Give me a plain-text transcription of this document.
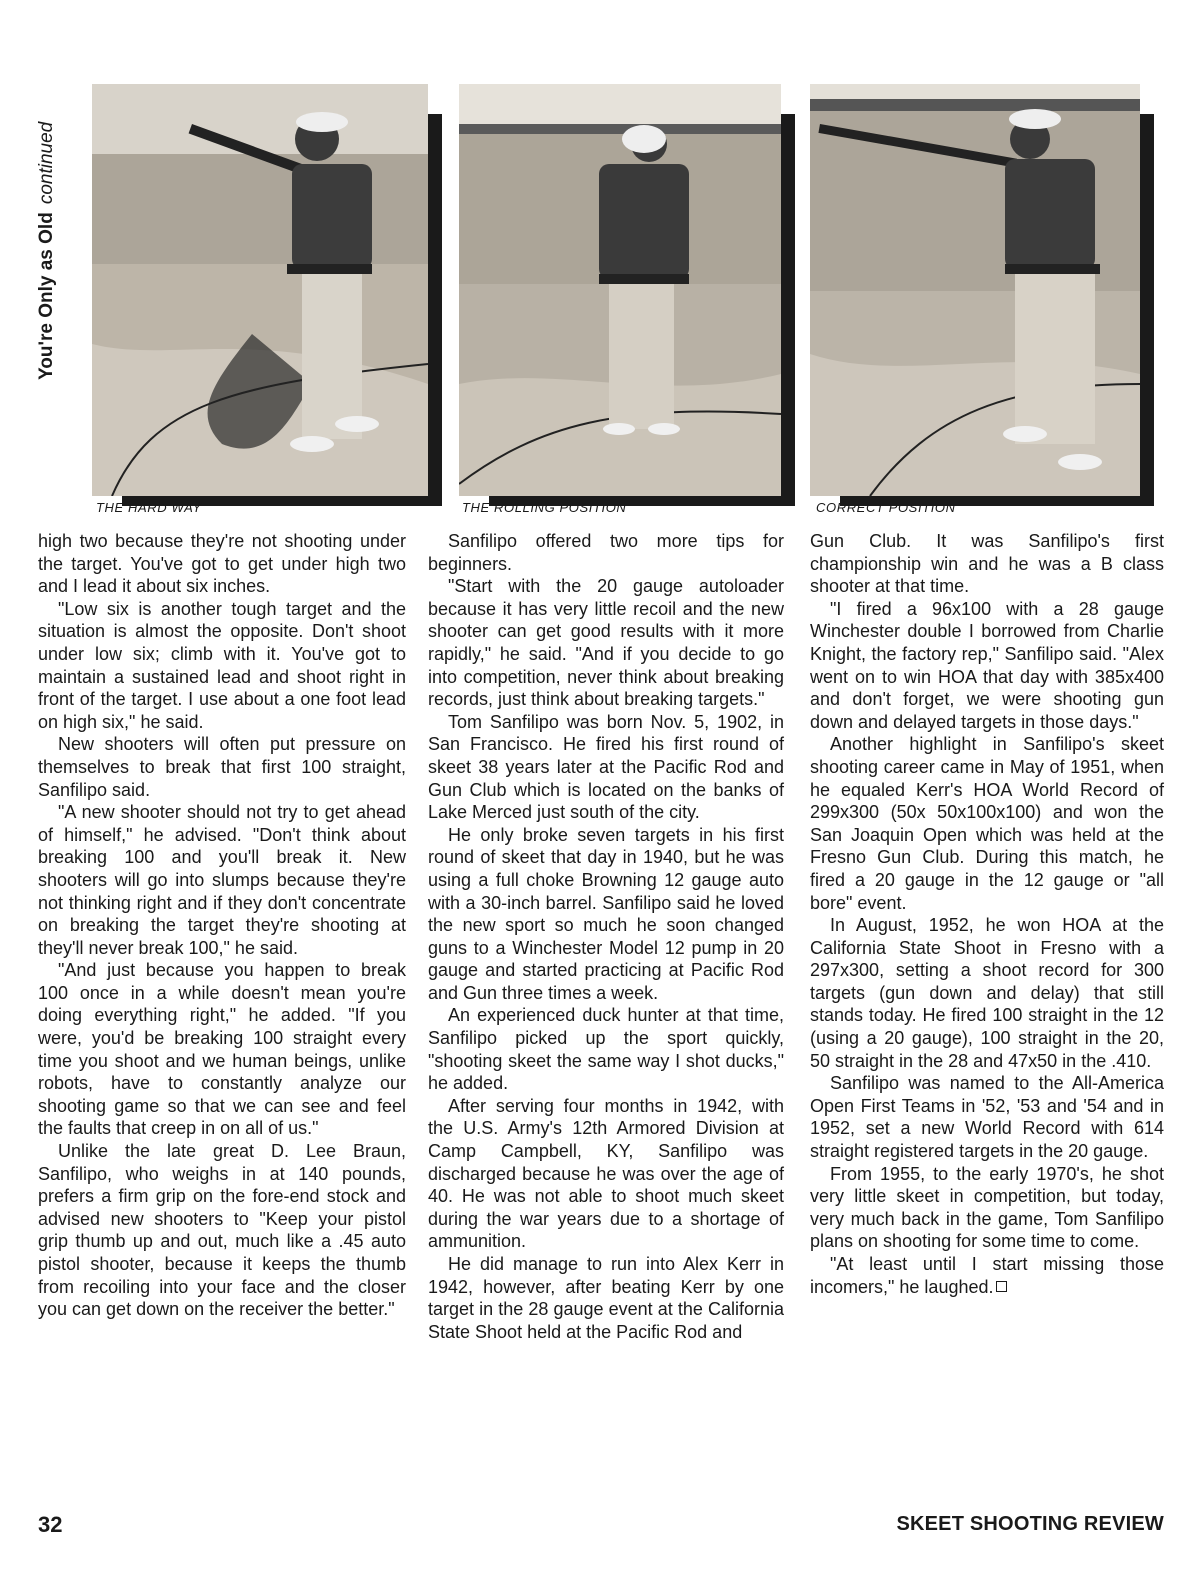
You're Only as Oldcontinued
THE HARD WAY	THE ROLLING POSITION	CORRECT POSITION

high two because they're not shooting under the target. You've got to get under high two and I lead it about six inches.

"Low six is another tough target and the situation is almost the opposite. Don't shoot under low six; climb with it. You've got to maintain a sustained lead and shoot right in front of the target. I use about a one foot lead on high six," he said.

New shooters will often put pressure on themselves to break that first 100 straight, Sanfilipo said.

"A new shooter should not try to get ahead of himself," he advised. "Don't think about breaking 100 and you'll break it. New shooters will go into slumps because they're not thinking right and if they don't concentrate on breaking the target they're shooting at they'll never break 100," he said.

"And just because you happen to break 100 once in a while doesn't mean you're doing everything right," he added. "If you were, you'd be breaking 100 straight every time you shoot and we human beings, unlike robots, have to constantly analyze our shooting game so that we can see and feel the faults that creep in on all of us."

Unlike the late great D. Lee Braun, Sanfilipo, who weighs in at 140 pounds, prefers a firm grip on the fore-end stock and advised new shooters to "Keep your pistol grip thumb up and out, much like a .45 auto pistol shooter, because it keeps the thumb from recoiling into your face and the closer you can get down on the receiver the better."

Sanfilipo offered two more tips for beginners.

"Start with the 20 gauge autoloader because it has very little recoil and the new shooter can get good results with it more rapidly," he said. "And if you decide to go into competition, never think about breaking records, just think about breaking targets."

Tom Sanfilipo was born Nov. 5, 1902, in San Francisco. He fired his first round of skeet 38 years later at the Pacific Rod and Gun Club which is located on the banks of Lake Merced just south of the city.

He only broke seven targets in his first round of skeet that day in 1940, but he was using a full choke Browning 12 gauge auto with a 30-inch barrel. Sanfilipo said he loved the new sport so much he soon changed guns to a Winchester Model 12 pump in 20 gauge and started practicing at Pacific Rod and Gun three times a week.

An experienced duck hunter at that time, Sanfilipo picked up the sport quickly, "shooting skeet the same way I shot ducks," he added.

After serving four months in 1942, with the U.S. Army's 12th Armored Division at Camp Campbell, KY, Sanfilipo was discharged because he was over the age of 40. He was not able to shoot much skeet during the war years due to a shortage of ammunition.

He did manage to run into Alex Kerr in 1942, however, after beating Kerr by one target in the 28 gauge event at the California State Shoot held at the Pacific Rod and

Gun Club. It was Sanfilipo's first championship win and he was a B class shooter at that time.

"I fired a 96x100 with a 28 gauge Winchester double I borrowed from Charlie Knight, the factory rep," Sanfilipo said. "Alex went on to win HOA that day with 385x400 and don't forget, we were shooting gun down and delayed targets in those days."

Another highlight in Sanfilipo's skeet shooting career came in May of 1951, when he equaled Kerr's HOA World Record of 299x300 (50x 50x100x100) and won the San Joaquin Open which was held at the Fresno Gun Club. During this match, he fired a 20 gauge in the 12 gauge or "all bore" event.

In August, 1952, he won HOA at the California State Shoot in Fresno with a 297x300, setting a shoot record for 300 targets (gun down and delay) that still stands today. He fired 100 straight in the 12 (using a 20 gauge), 100 straight in the 20, 50 straight in the 28 and 47x50 in the .410.

Sanfilipo was named to the All-America Open First Teams in '52, '53 and '54 and in 1952, set a new World Record with 614 straight registered targets in the 20 gauge.

From 1955, to the early 1970's, he shot very little skeet in competition, but today, very much back in the game, Tom Sanfilipo plans on shooting for some time to come.

"At least until I start missing those incomers," he laughed.

32	SKEET SHOOTING REVIEW
